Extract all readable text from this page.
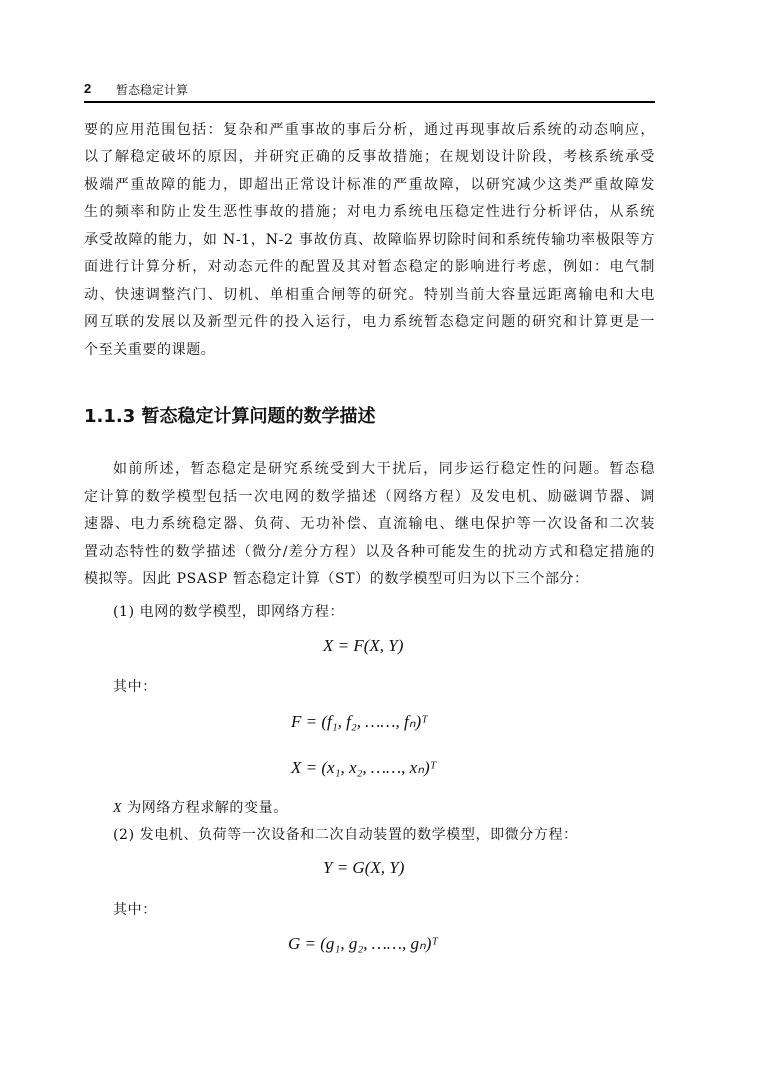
2 暂态稳定计算
要的应用范围包括：复杂和严重事故的事后分析，通过再现事故后系统的动态响应，
以了解稳定破坏的原因，并研究正确的反事故措施；在规划设计阶段，考核系统承受
极端严重故障的能力，即超出正常设计标准的严重故障，以研究减少这类严重故障发
生的频率和防止发生恶性事故的措施；对电力系统电压稳定性进行分析评估，从系统
承受故障的能力，如 N-1，N-2 事故仿真、故障临界切除时间和系统传输功率极限等方
面进行计算分析，对动态元件的配置及其对暂态稳定的影响进行考虑，例如：电气制
动、快速调整汽门、切机、单相重合闸等的研究。特别当前大容量远距离输电和大电
网互联的发展以及新型元件的投入运行，电力系统暂态稳定问题的研究和计算更是一
个至关重要的课题。
1.1.3 暂态稳定计算问题的数学描述
如前所述，暂态稳定是研究系统受到大干扰后，同步运行稳定性的问题。暂态稳
定计算的数学模型包括一次电网的数学描述（网络方程）及发电机、励磁调节器、调
速器、电力系统稳定器、负荷、无功补偿、直流输电、继电保护等一次设备和二次装
置动态特性的数学描述（微分/差分方程）以及各种可能发生的扰动方式和稳定措施的
模拟等。因此 PSASP 暂态稳定计算（ST）的数学模型可归为以下三个部分：
(1) 电网的数学模型，即网络方程：
X = F(X, Y)
其中：
F = (f₁, f₂, ……, fₙ)ᵀ
X = (x₁, x₂, ……, xₙ)ᵀ
X 为网络方程求解的变量。
(2) 发电机、负荷等一次设备和二次自动装置的数学模型，即微分方程：
Y = G(X, Y)
其中：
G = (g₁, g₂, ……, gₙ)ᵀ
